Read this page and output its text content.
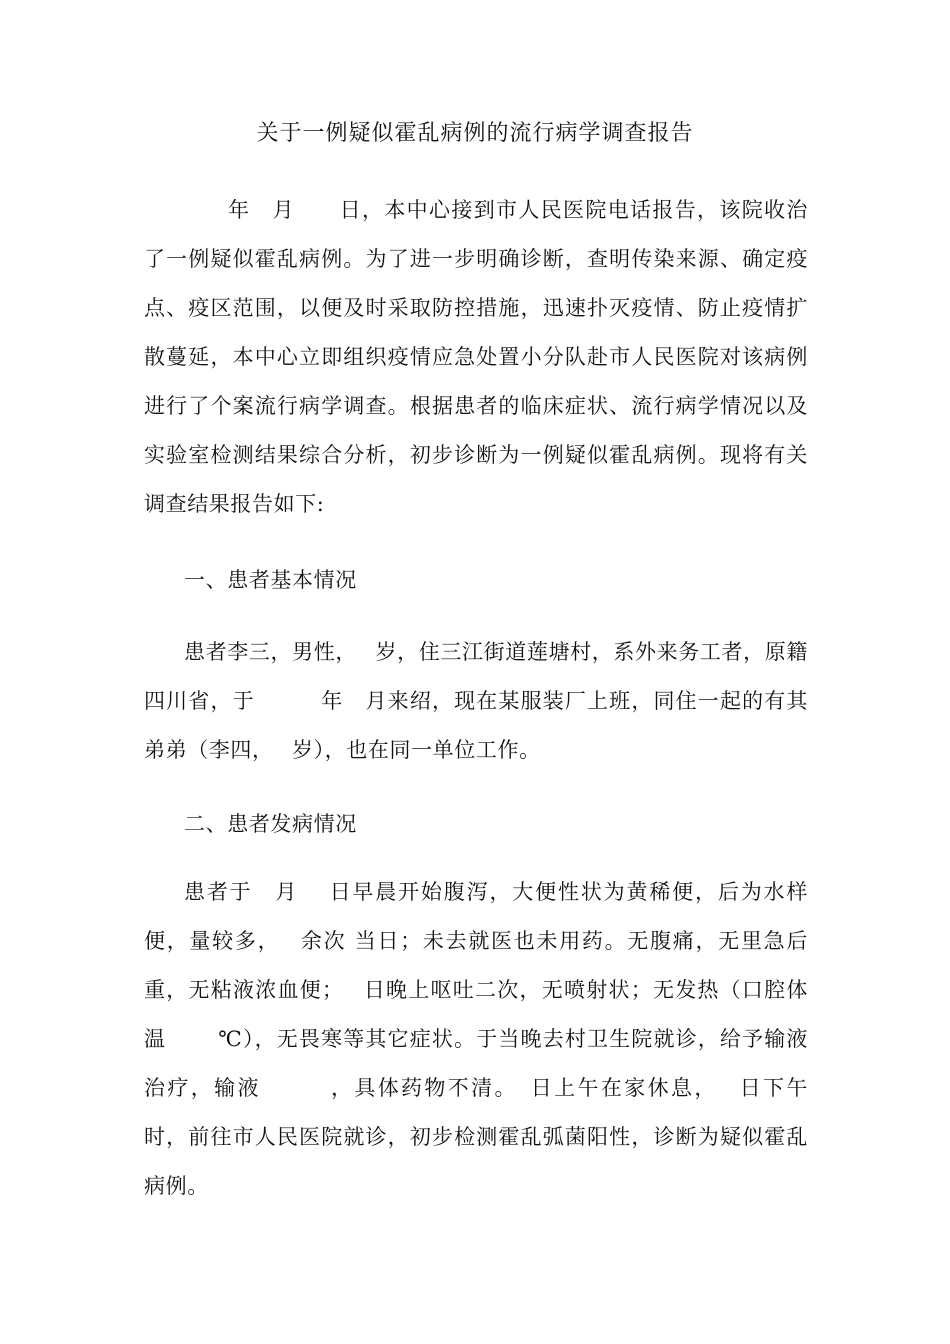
关于一例疑似霍乱病例的流行病学调查报告

年　月　　日，本中心接到市人民医院电话报告，该院收治了一例疑似霍乱病例。为了进一步明确诊断，查明传染来源、确定疫点、疫区范围，以便及时采取防控措施，迅速扑灭疫情、防止疫情扩散蔓延，本中心立即组织疫情应急处置小分队赴市人民医院对该病例进行了个案流行病学调查。根据患者的临床症状、流行病学情况以及实验室检测结果综合分析，初步诊断为一例疑似霍乱病例。现将有关调查结果报告如下:

一、患者基本情况

患者李三，男性，　 岁，住三江街道莲塘村，系外来务工者，原籍四川省，于　　　年　月来绍，现在某服装厂上班，同住一起的有其弟弟（李四，　 岁），也在同一单位工作。

二、患者发病情况

患者于　月　 日早晨开始腹泻，大便性状为黄稀便，后为水样便，量较多，　 余次 当日；未去就医也未用药。无腹痛，无里急后重，无粘液浓血便；　 日晚上呕吐二次，无喷射状；无发热（口腔体温　　 ℃），无畏寒等其它症状。于当晚去村卫生院就诊，给予输液治疗，输液　　　，具体药物不清。　日上午在家休息，　 日下午　时，前往市人民医院就诊，初步检测霍乱弧菌阳性，诊断为疑似霍乱病例。
